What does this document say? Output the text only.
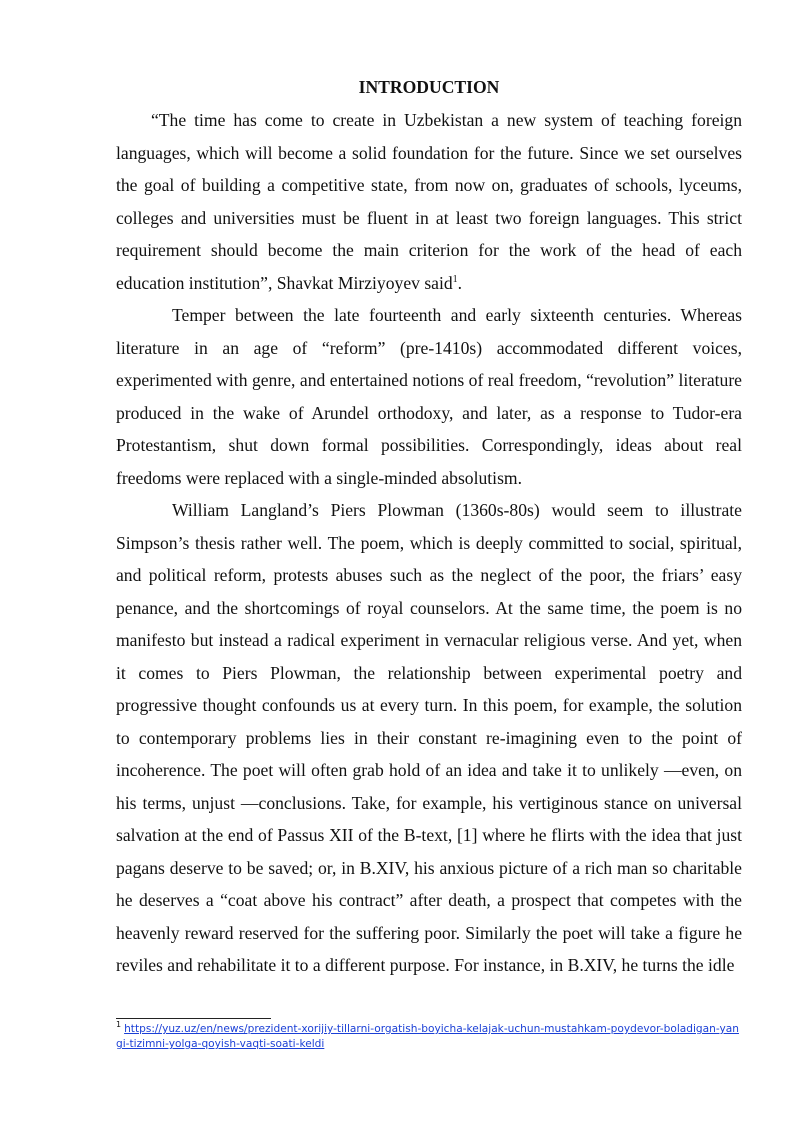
INTRODUCTION

“The time has come to create in Uzbekistan a new system of teaching foreign languages, which will become a solid foundation for the future. Since we set ourselves the goal of building a competitive state, from now on, graduates of schools, lyceums, colleges and universities must be fluent in at least two foreign languages. This strict requirement should become the main criterion for the work of the head of each education institution”, Shavkat Mirziyoyev said$^1$.

Temper between the late fourteenth and early sixteenth centuries. Whereas literature in an age of “reform” (pre-1410s) accommodated different voices, experimented with genre, and entertained notions of real freedom, “revolution” literature produced in the wake of Arundel orthodoxy, and later, as a response to Tudor-era Protestantism, shut down formal possibilities. Correspondingly, ideas about real freedoms were replaced with a single-minded absolutism.

William Langland’s Piers Plowman (1360s-80s) would seem to illustrate Simpson’s thesis rather well. The poem, which is deeply committed to social, spiritual, and political reform, protests abuses such as the neglect of the poor, the friars’ easy penance, and the shortcomings of royal counselors. At the same time, the poem is no manifesto but instead a radical experiment in vernacular religious verse. And yet, when it comes to Piers Plowman, the relationship between experimental poetry and progressive thought confounds us at every turn. In this poem, for example, the solution to contemporary problems lies in their constant re-imagining even to the point of incoherence. The poet will often grab hold of an idea and take it to unlikely —even, on his terms, unjust —conclusions. Take, for example, his vertiginous stance on universal salvation at the end of Passus XII of the B-text, [1] where he flirts with the idea that just pagans deserve to be saved; or, in B.XIV, his anxious picture of a rich man so charitable he deserves a “coat above his contract” after death, a prospect that competes with the heavenly reward reserved for the suffering poor. Similarly the poet will take a figure he reviles and rehabilitate it to a different purpose. For instance, in B.XIV, he turns the idle

$^1$ https://yuz.uz/en/news/prezident-xorijiy-tillarni-orgatish-boyicha-kelajak-uchun-mustahkam-poydevor-boladigan-yangi-tizimni-yolga-qoyish-vaqti-soati-keldi
